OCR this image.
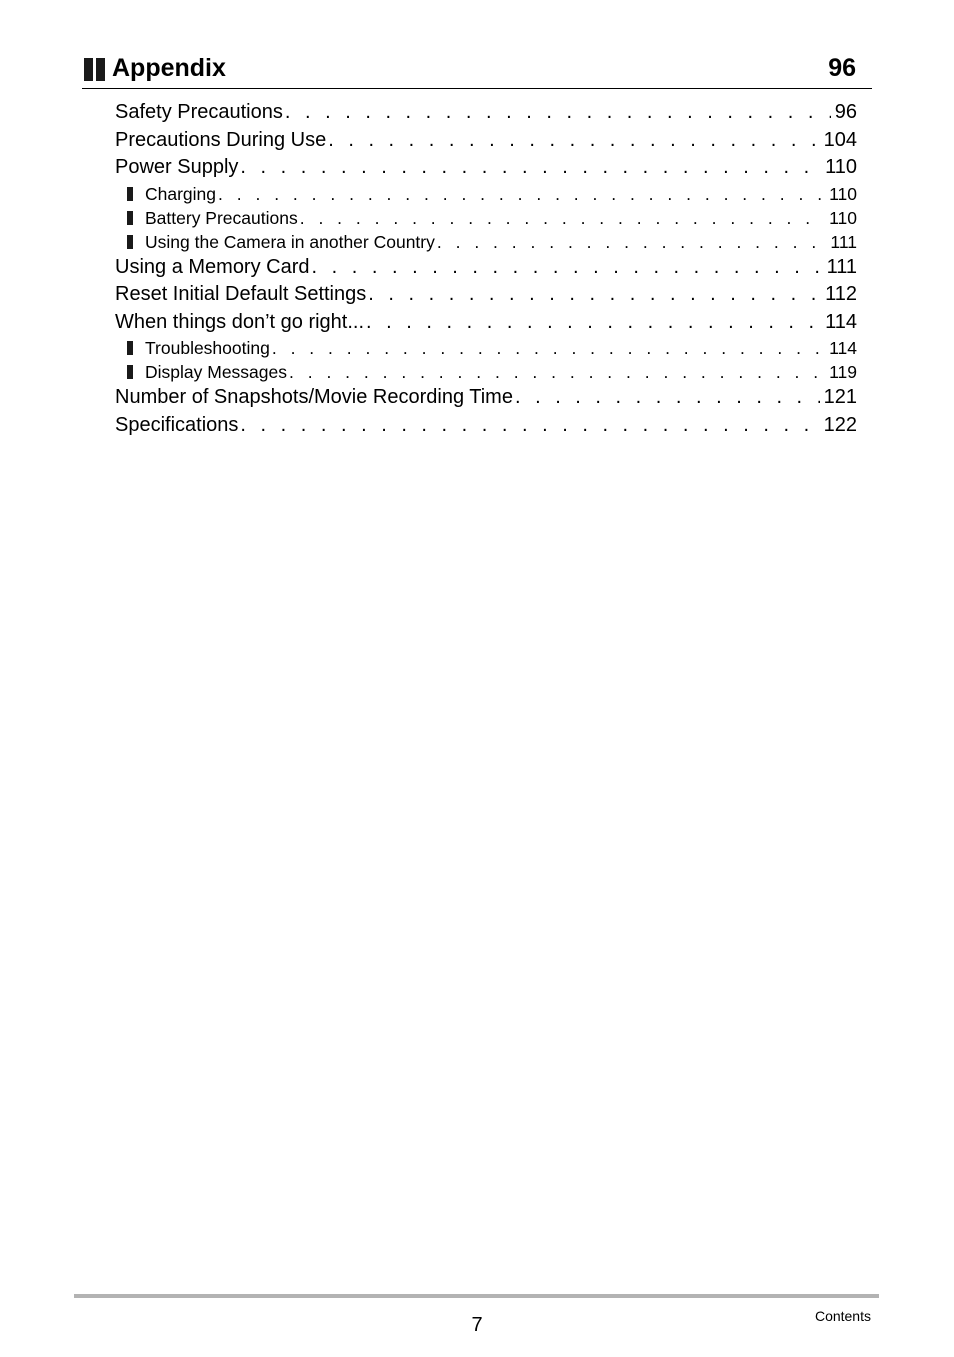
Appendix	96
Safety Precautions . . .	96
Precautions During Use . . .	104
Power Supply . . .	110
Charging . . .	110
Battery Precautions . . .	110
Using the Camera in another Country . . .	111
Using a Memory Card . . .	111
Reset Initial Default Settings . . .	112
When things don’t go right... . . .	114
Troubleshooting . . .	114
Display Messages . . .	119
Number of Snapshots/Movie Recording Time . . .	121
Specifications . . .	122
7	Contents
